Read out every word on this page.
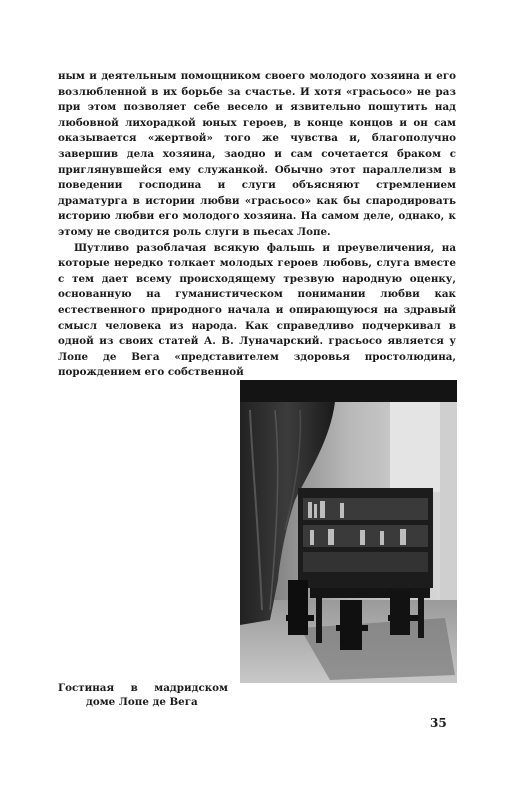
ным и деятельным помощником своего молодого хозяина и его возлюбленной в их борьбе за счастье. И хотя «грасьосо» не раз при этом позволяет себе весело и язвительно пошутить над любовной лихорадкой юных героев, в конце концов и он сам оказывается «жертвой» того же чувства и, благополучно завершив дела хозяина, заодно и сам сочетается браком с приглянувшейся ему служанкой. Обычно этот параллелизм в поведении господина и слуги объясняют стремлением драматурга в истории любви «грасьосо» как бы спародировать историю любви его молодого хозяина. На самом деле, однако, к этому не сводится роль слуги в пьесах Лопе.

Шутливо разоблачая всякую фальшь и преувеличения, на которые нередко толкает молодых героев любовь, слуга вместе с тем дает всему происходящему трезвую народную оценку, основанную на гуманистическом понимании любви как естественного природного начала и опирающуюся на здравый смысл человека из народа. Как справедливо подчеркивал в одной из своих статей А. В. Луначарский. грасьосо является у Лопе де Вега «представителем здоровья простолюдина, порождением его собственной

Гостиная в мадридском
доме Лопе де Вега
35
